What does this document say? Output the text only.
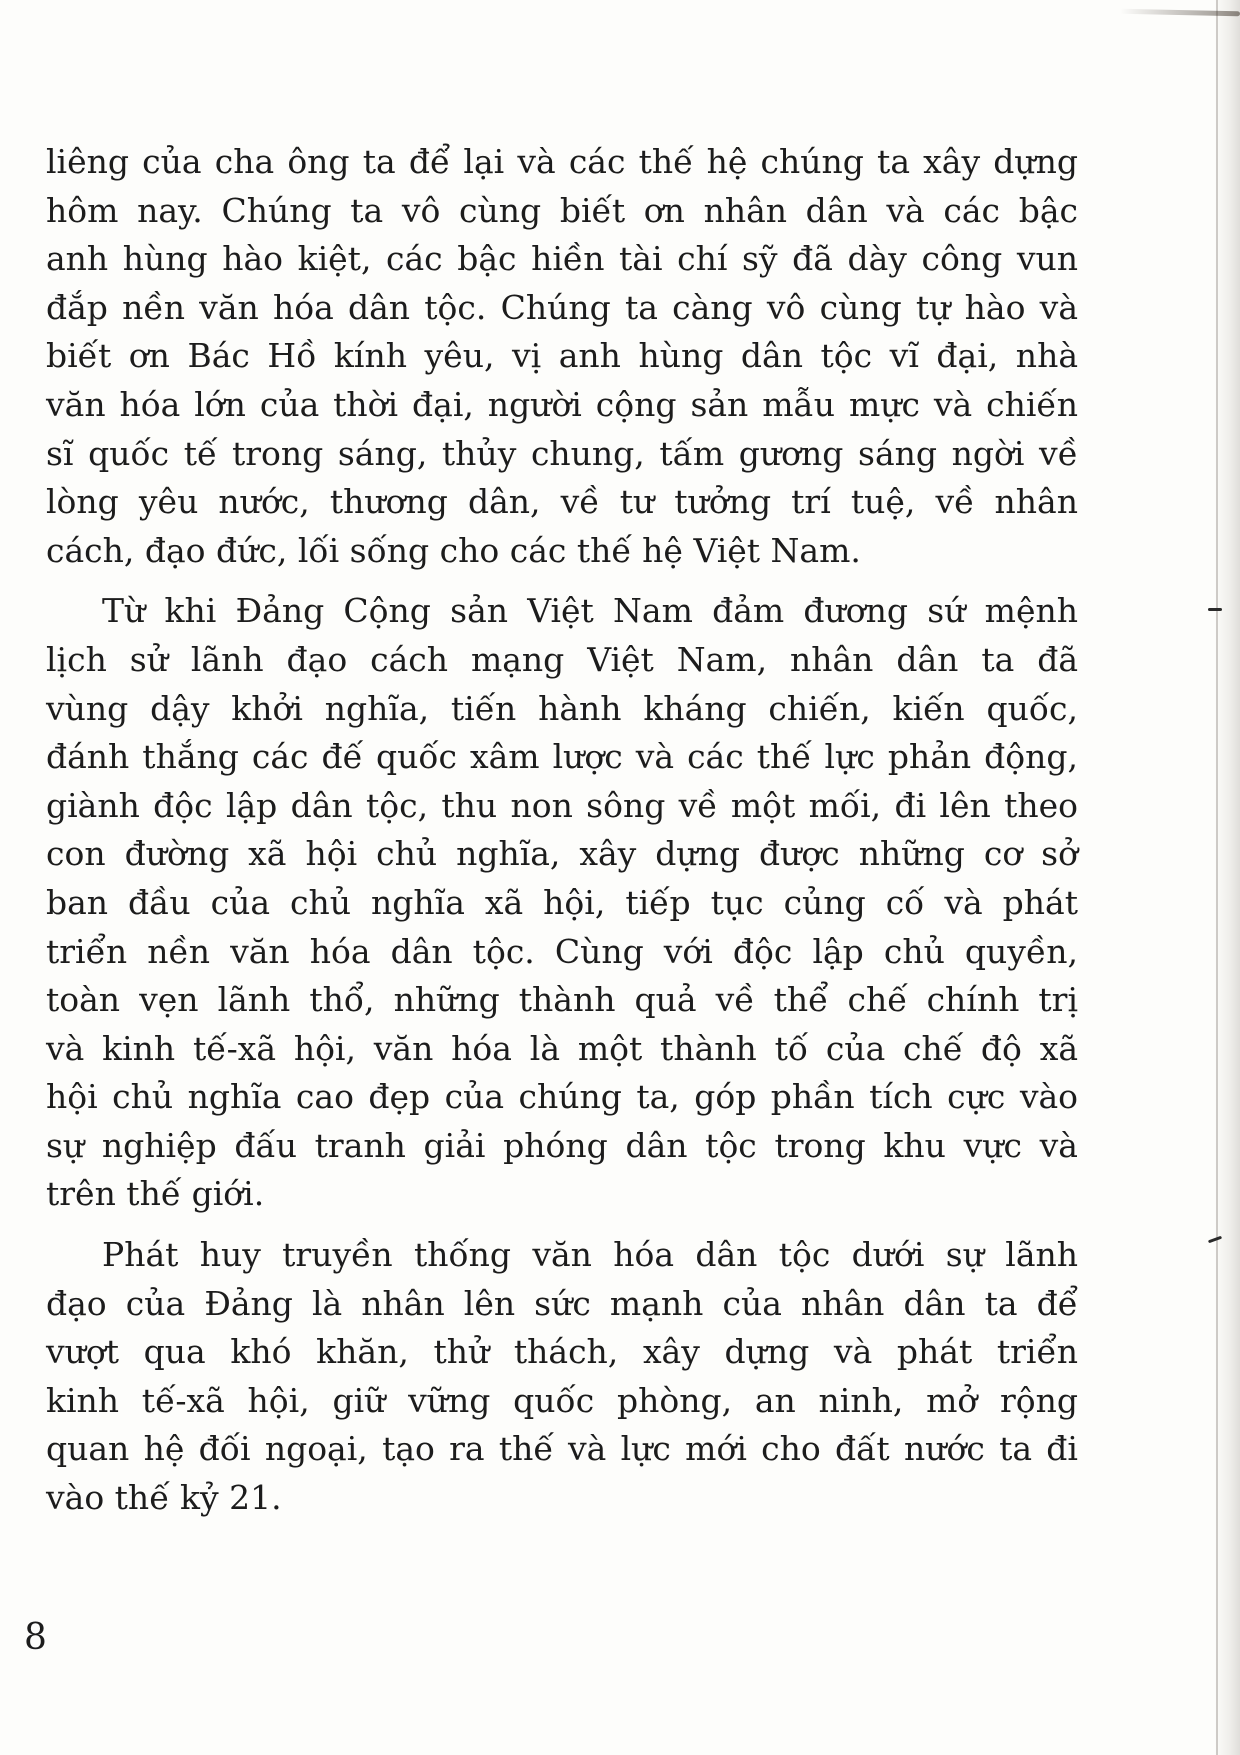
liêng của cha ông ta để lại và các thế hệ chúng ta xây dựng
hôm nay. Chúng ta vô cùng biết ơn nhân dân và các bậc
anh hùng hào kiệt, các bậc hiền tài chí sỹ đã dày công vun
đắp nền văn hóa dân tộc. Chúng ta càng vô cùng tự hào và
biết ơn Bác Hồ kính yêu, vị anh hùng dân tộc vĩ đại, nhà
văn hóa lớn của thời đại, người cộng sản mẫu mực và chiến
sĩ quốc tế trong sáng, thủy chung, tấm gương sáng ngời về
lòng yêu nước, thương dân, về tư tưởng trí tuệ, về nhân
cách, đạo đức, lối sống cho các thế hệ Việt Nam.
Từ khi Đảng Cộng sản Việt Nam đảm đương sứ mệnh
lịch sử lãnh đạo cách mạng Việt Nam, nhân dân ta đã
vùng dậy khởi nghĩa, tiến hành kháng chiến, kiến quốc,
đánh thắng các đế quốc xâm lược và các thế lực phản động,
giành độc lập dân tộc, thu non sông về một mối, đi lên theo
con đường xã hội chủ nghĩa, xây dựng được những cơ sở
ban đầu của chủ nghĩa xã hội, tiếp tục củng cố và phát
triển nền văn hóa dân tộc. Cùng với độc lập chủ quyền,
toàn vẹn lãnh thổ, những thành quả về thể chế chính trị
và kinh tế-xã hội, văn hóa là một thành tố của chế độ xã
hội chủ nghĩa cao đẹp của chúng ta, góp phần tích cực vào
sự nghiệp đấu tranh giải phóng dân tộc trong khu vực và
trên thế giới.
Phát huy truyền thống văn hóa dân tộc dưới sự lãnh
đạo của Đảng là nhân lên sức mạnh của nhân dân ta để
vượt qua khó khăn, thử thách, xây dựng và phát triển
kinh tế-xã hội, giữ vững quốc phòng, an ninh, mở rộng
quan hệ đối ngoại, tạo ra thế và lực mới cho đất nước ta đi
vào thế kỷ 21.
8
